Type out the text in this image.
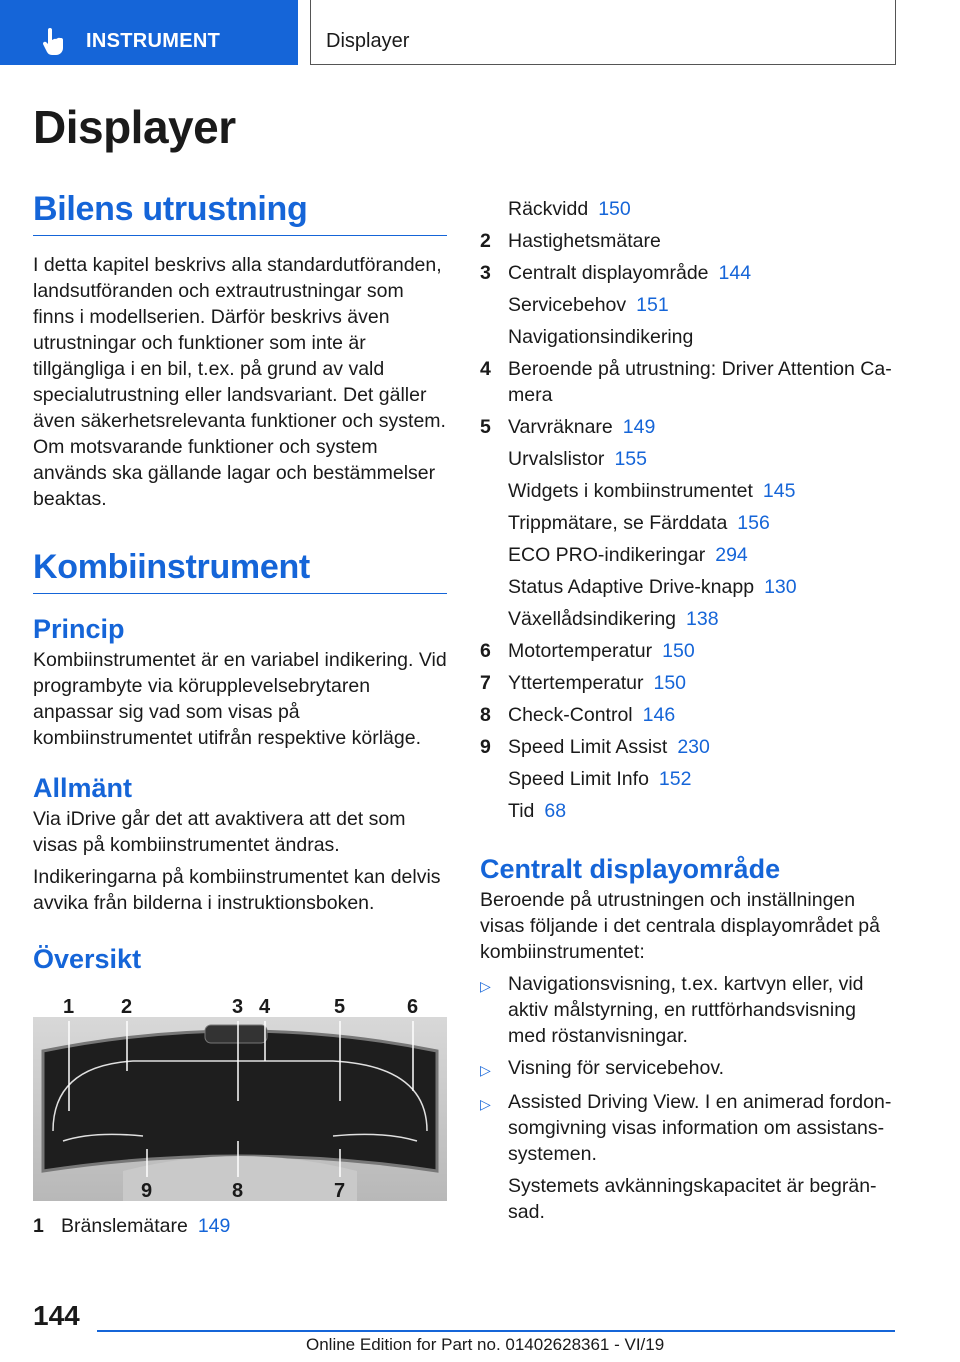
INSTRUMENT	Displayer
Displayer
Bilens utrustning

I detta kapitel beskrivs alla standardutföranden, landsutföranden och extrautrustningar som finns i modellserien. Därför beskrivs även utrustningar och funktioner som inte är tillgängliga i en bil, t.ex. på grund av vald specialutrustning eller landsvariant. Det gäller även säkerhetsrelevanta funktioner och system. Om motsvarande funktioner och system används ska gällande lagar och bestämmelser beaktas.

Kombiinstrument
Princip

Kombiinstrumentet är en variabel indikering. Vid programbyte via körupplevelsebrytaren anpassar sig vad som visas på kombiinstrumentet utifrån respektive körläge.

Allmänt

Via iDrive går det att avaktivera att det som visas på kombiinstrumentet ändras.

Indikeringarna på kombiinstrumentet kan delvis avvika från bilderna i instruktionsboken.

Översikt
1 2	3 4	5	6
9	8	7
1 Bränslemätare 149
Räckvidd 150
2 Hastighetsmätare
3 Centralt displayområde 144
Servicebehov 151
Navigationsindikering
4 Beroende på utrustning: Driver Attention Camera
5 Varvräknare 149
Urvalslistor 155
Widgets i kombiinstrumentet 145
Trippmätare, se Färddata 156
ECO PRO-indikeringar 294
Status Adaptive Drive-knapp 130
Växellådsindikering 138
6 Motortemperatur 150
7 Yttertemperatur 150
8 Check-Control 146
9 Speed Limit Assist 230
Speed Limit Info 152
Tid 68
Centralt displayområde

Beroende på utrustningen och inställningen visas följande i det centrala displayområdet på kombiinstrumentet:

▷ Navigationsvisning, t.ex. kartvyn eller, vid aktiv målstyrning, en ruttförhandsvisning med röstanvisningar.
▷ Visning för servicebehov.
▷ Assisted Driving View. I en animerad fordonsomgivning visas information om assistanssystemen.

Systemets avkänningskapacitet är begränsad.

144
Online Edition for Part no. 01402628361 - VI/19
